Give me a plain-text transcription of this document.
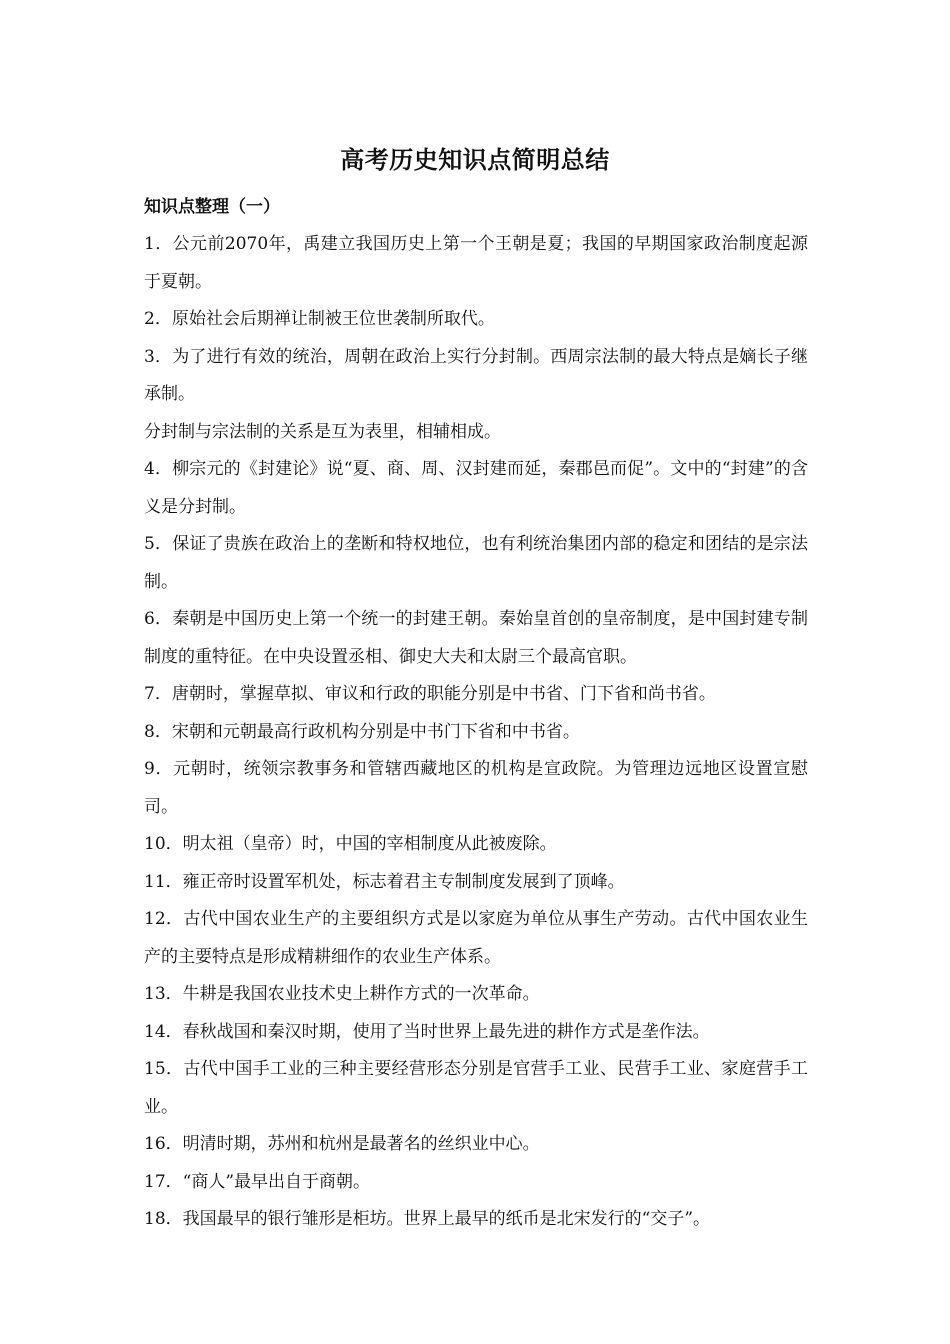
高考历史知识点简明总结

知识点整理（一）

1．公元前2070年，禹建立我国历史上第一个王朝是夏；我国的早期国家政治制度起源于夏朝。

2．原始社会后期禅让制被王位世袭制所取代。

3．为了进行有效的统治，周朝在政治上实行分封制。西周宗法制的最大特点是嫡长子继承制。

分封制与宗法制的关系是互为表里，相辅相成。

4．柳宗元的《封建论》说“夏、商、周、汉封建而延，秦郡邑而促”。文中的“封建”的含义是分封制。

5．保证了贵族在政治上的垄断和特权地位，也有利统治集团内部的稳定和团结的是宗法制。

6．秦朝是中国历史上第一个统一的封建王朝。秦始皇首创的皇帝制度，是中国封建专制制度的重特征。在中央设置丞相、御史大夫和太尉三个最高官职。

7．唐朝时，掌握草拟、审议和行政的职能分别是中书省、门下省和尚书省。

8．宋朝和元朝最高行政机构分别是中书门下省和中书省。

9．元朝时，统领宗教事务和管辖西藏地区的机构是宣政院。为管理边远地区设置宣慰司。

10．明太祖（皇帝）时，中国的宰相制度从此被废除。

11．雍正帝时设置军机处，标志着君主专制制度发展到了顶峰。

12．古代中国农业生产的主要组织方式是以家庭为单位从事生产劳动。古代中国农业生产的主要特点是形成精耕细作的农业生产体系。

13．牛耕是我国农业技术史上耕作方式的一次革命。

14．春秋战国和秦汉时期，使用了当时世界上最先进的耕作方式是垄作法。

15．古代中国手工业的三种主要经营形态分别是官营手工业、民营手工业、家庭营手工业。

16．明清时期，苏州和杭州是最著名的丝织业中心。

17．“商人”最早出自于商朝。

18．我国最早的银行雏形是柜坊。世界上最早的纸币是北宋发行的“交子”。
